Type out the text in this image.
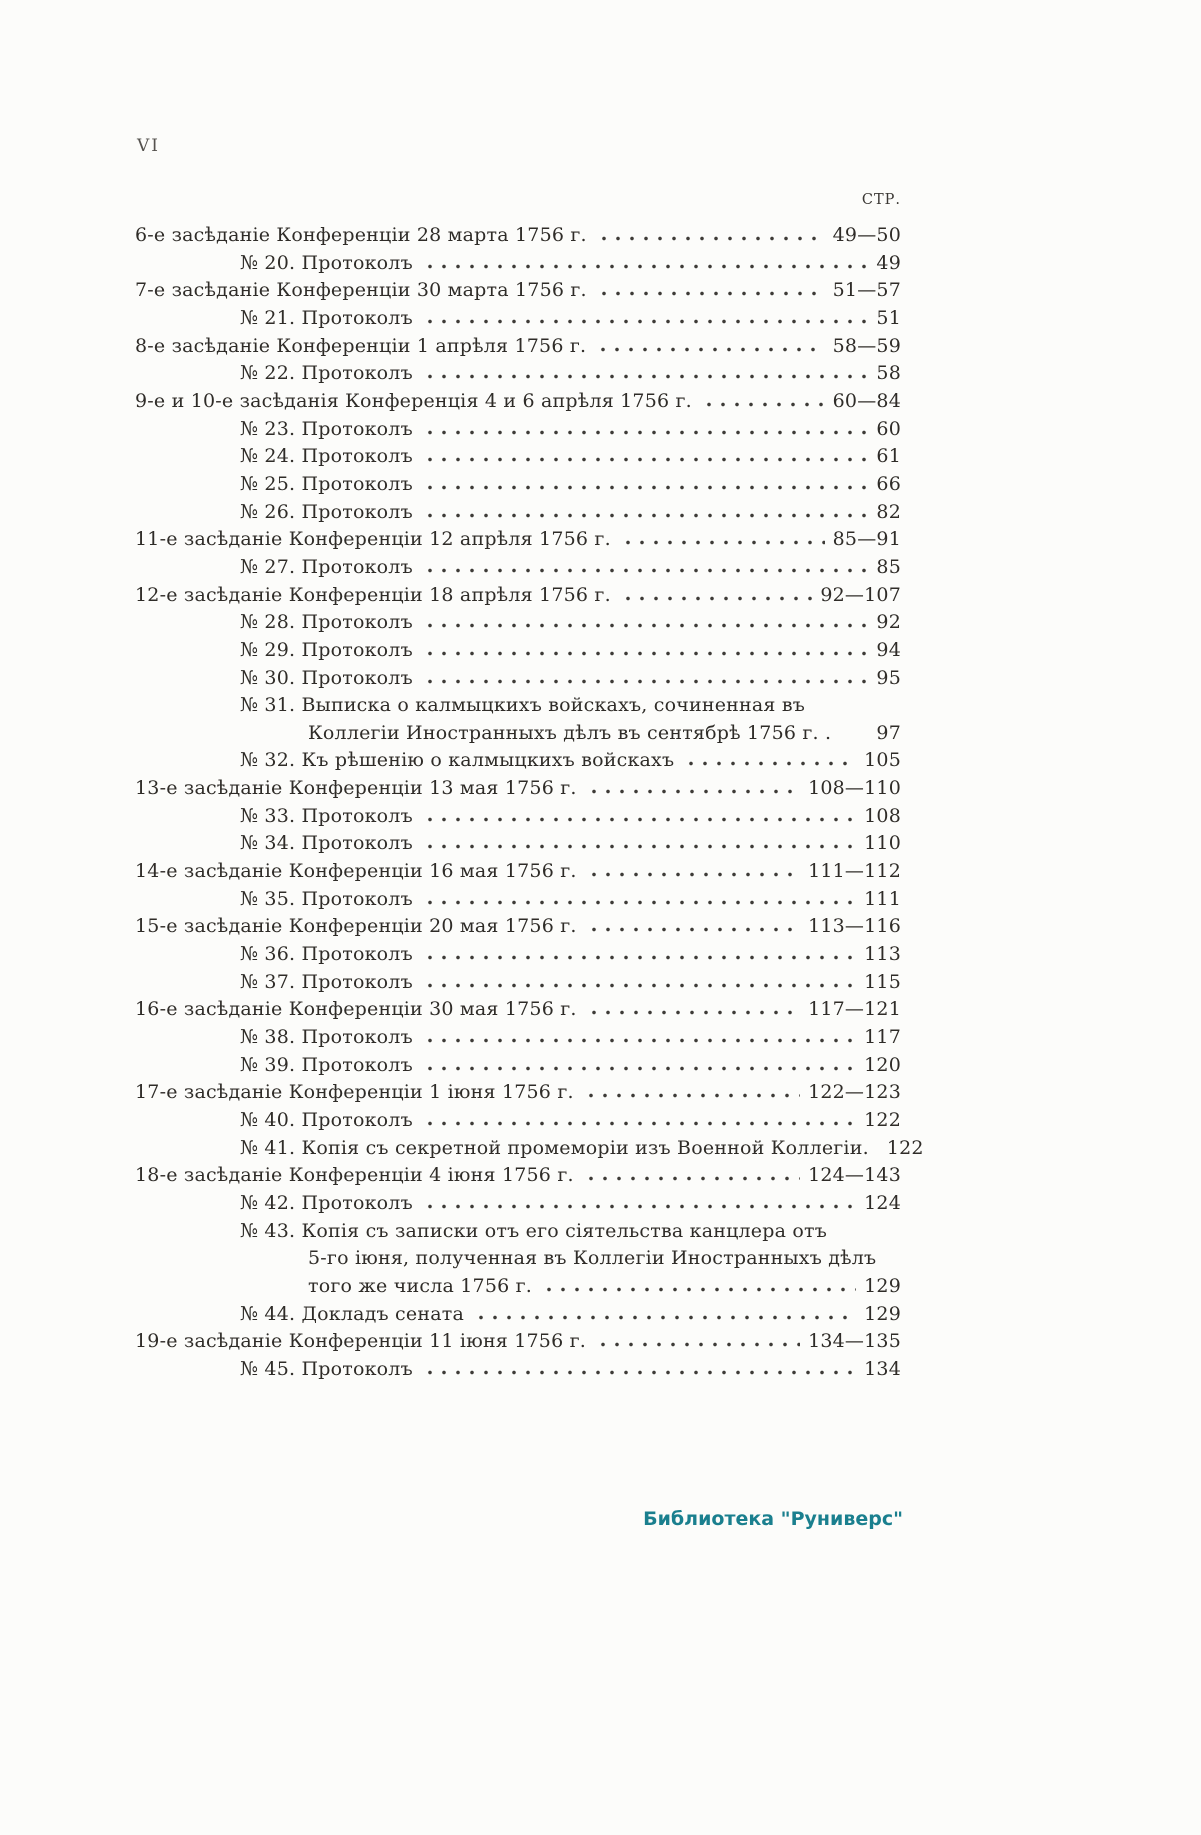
VI
СТР.
6-е засѣданіе Конференціи 28 марта 1756 г.	49—50
№ 20. Протоколъ	49
7-е засѣданіе Конференціи 30 марта 1756 г.	51—57
№ 21. Протоколъ	51
8-е засѣданіе Конференціи 1 апрѣля 1756 г.	58—59
№ 22. Протоколъ	58
9-е и 10-е засѣданія Конференція 4 и 6 апрѣля 1756 г.	60—84
№ 23. Протоколъ	60
№ 24. Протоколъ	61
№ 25. Протоколъ	66
№ 26. Протоколъ	82
11-е засѣданіе Конференціи 12 апрѣля 1756 г.	85—91
№ 27. Протоколъ	85
12-е засѣданіе Конференціи 18 апрѣля 1756 г.	92—107
№ 28. Протоколъ	92
№ 29. Протоколъ	94
№ 30. Протоколъ	95
№ 31. Выписка о калмыцкихъ войскахъ, сочиненная въ
Коллегіи Иностранныхъ дѣлъ въ сентябрѣ 1756 г. . 97
№ 32. Къ рѣшенію о калмыцкихъ войскахъ	105
13-е засѣданіе Конференціи 13 мая 1756 г.	108—110
№ 33. Протоколъ	108
№ 34. Протоколъ	110
14-е засѣданіе Конференціи 16 мая 1756 г.	111—112
№ 35. Протоколъ	111
15-е засѣданіе Конференціи 20 мая 1756 г.	113—116
№ 36. Протоколъ	113
№ 37. Протоколъ	115
16-е засѣданіе Конференціи 30 мая 1756 г.	117—121
№ 38. Протоколъ	117
№ 39. Протоколъ	120
17-е засѣданіе Конференціи 1 іюня 1756 г.	122—123
№ 40. Протоколъ	122
№ 41. Копія съ секретной промеморіи изъ Военной Коллегіи. 122
18-е засѣданіе Конференціи 4 іюня 1756 г.	124—143
№ 42. Протоколъ	124
№ 43. Копія съ записки отъ его сіятельства канцлера отъ
5-го іюня, полученная въ Коллегіи Иностранныхъ дѣлъ
того же числа 1756 г.	129
№ 44. Докладъ сената	129
19-е засѣданіе Конференціи 11 іюня 1756 г.	134—135
№ 45. Протоколъ	134
Библиотека "Руниверс"
